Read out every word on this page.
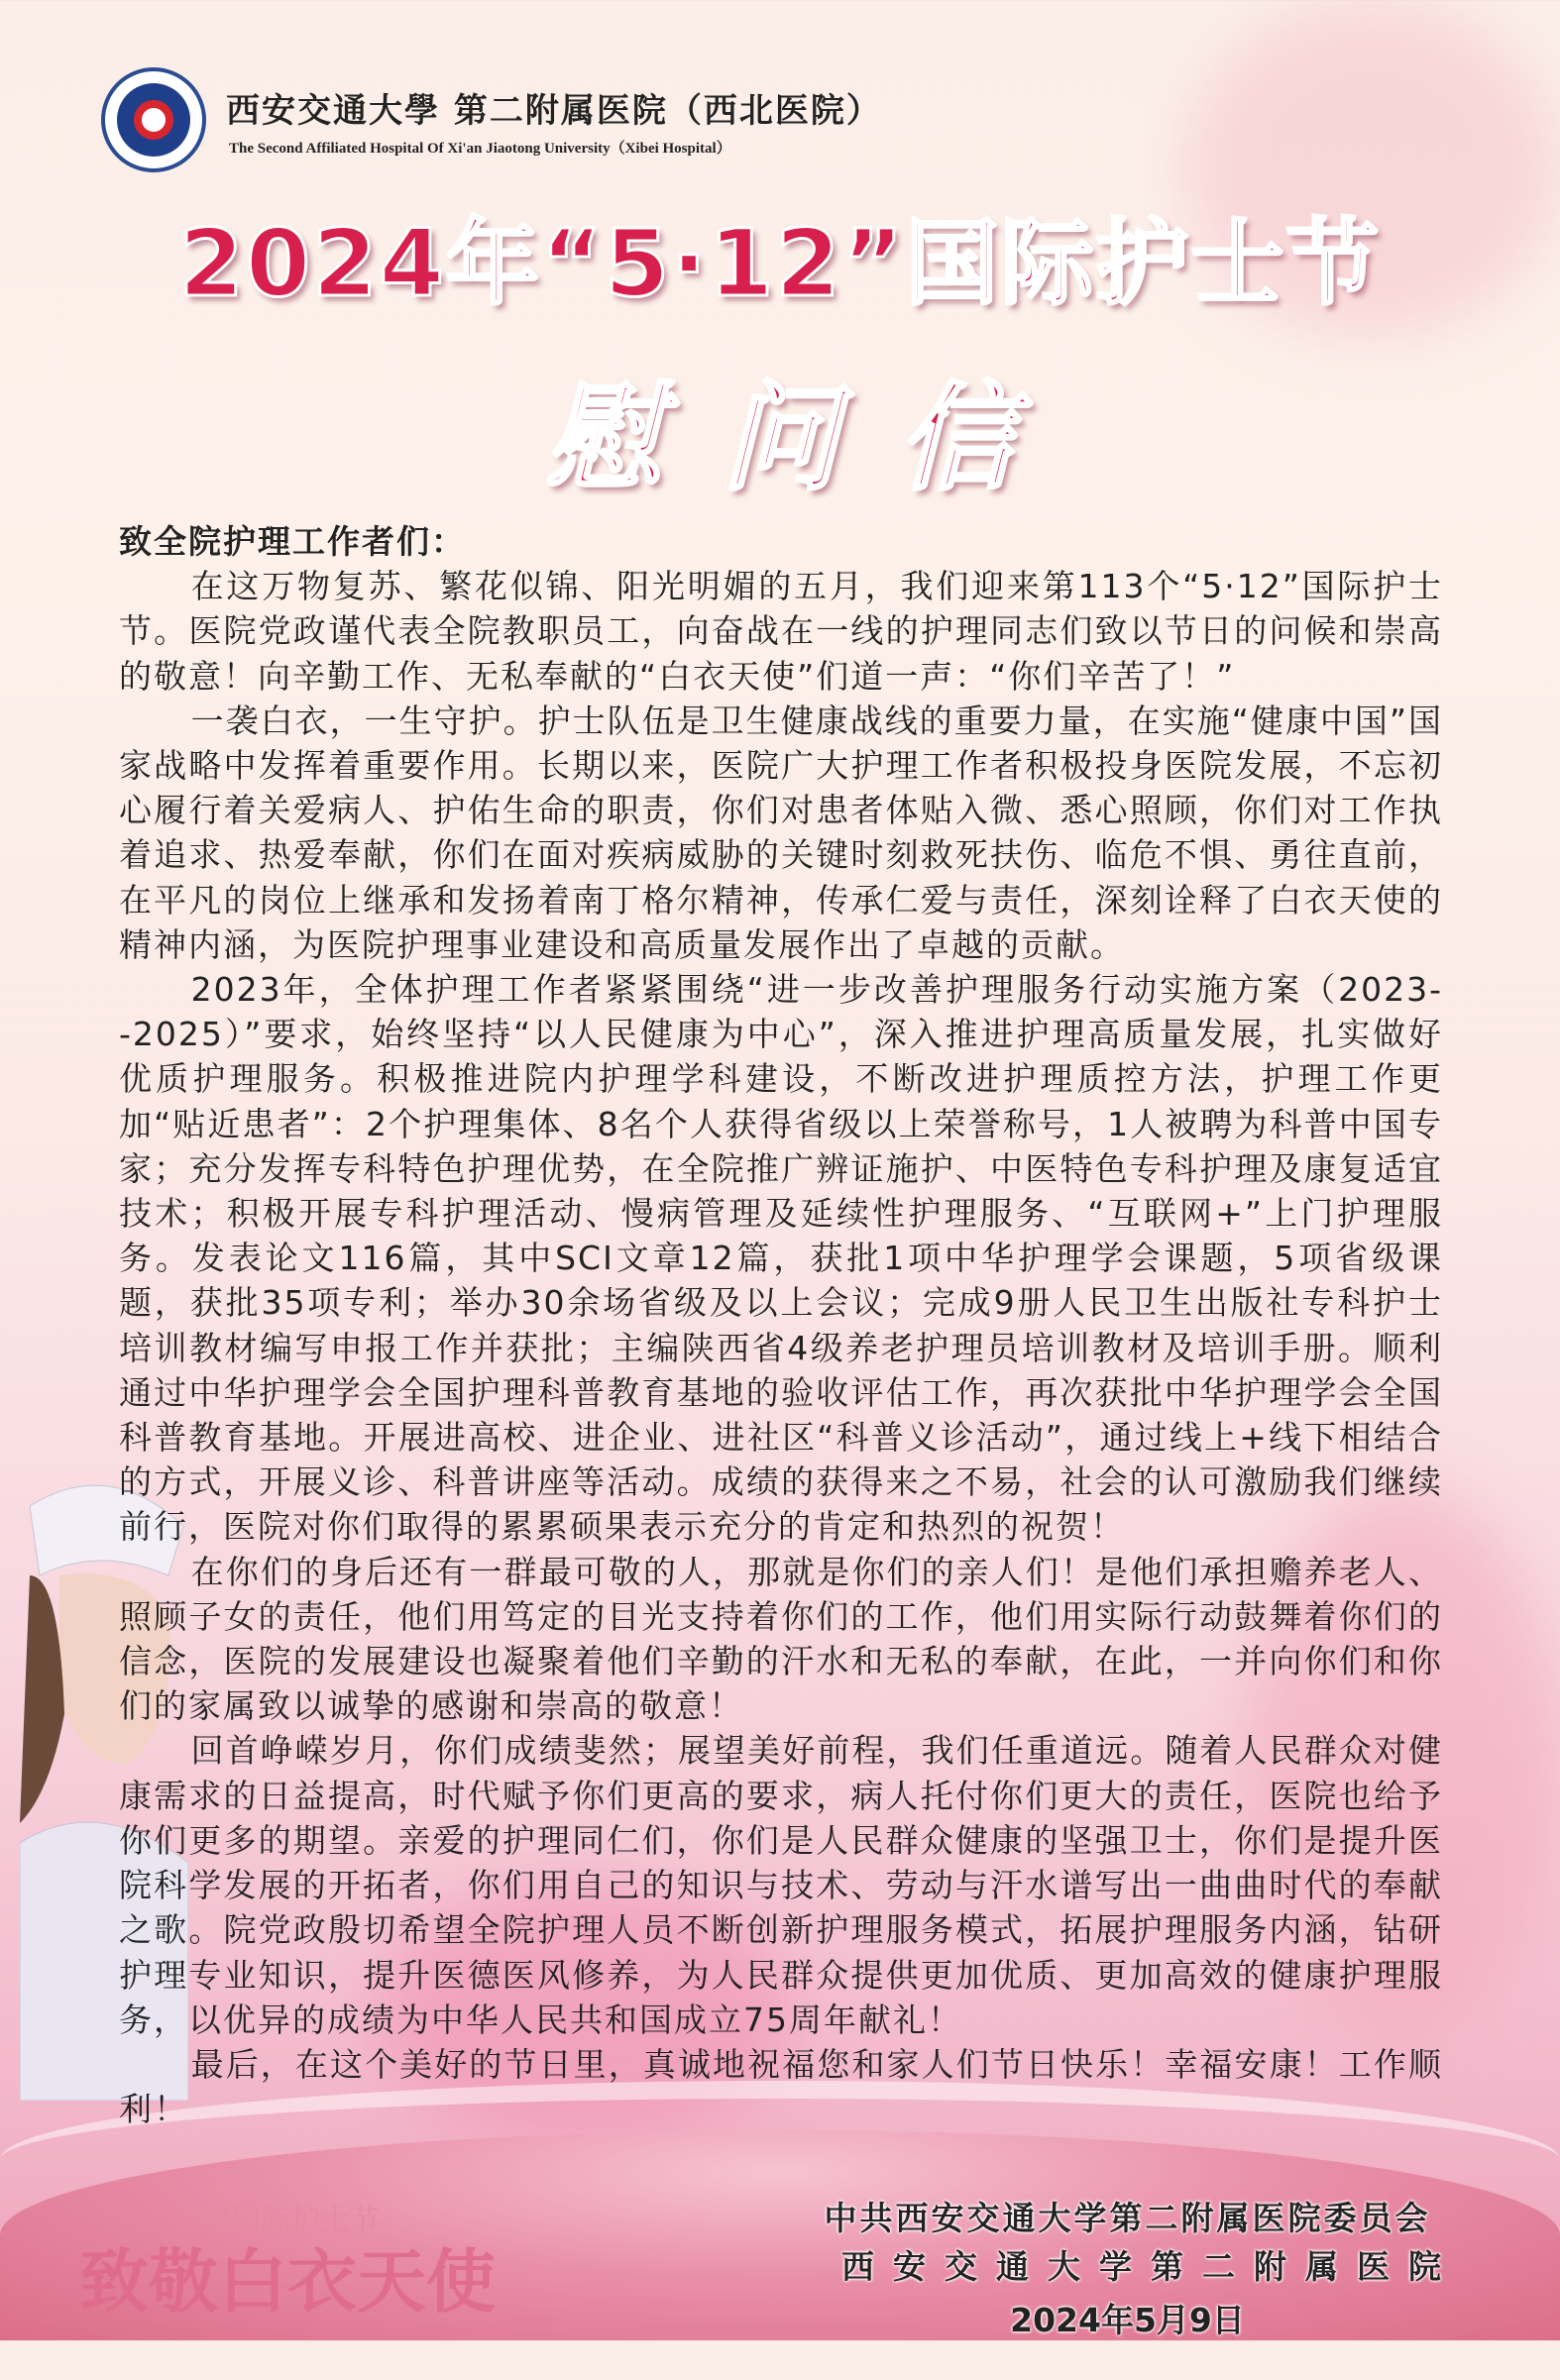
西安交通大學 第二附属医院（西北医院）
The Second Affiliated Hospital Of Xi'an Jiaotong University（Xibei Hospital）
2024年“5·12”国际护士节
慰问信

致全院护理工作者们：

在这万物复苏、繁花似锦、阳光明媚的五月，我们迎来第113个“5·12”国际护士节。医院党政谨代表全院教职员工，向奋战在一线的护理同志们致以节日的问候和崇高的敬意！向辛勤工作、无私奉献的“白衣天使”们道一声：“你们辛苦了！”

一袭白衣，一生守护。护士队伍是卫生健康战线的重要力量，在实施“健康中国”国家战略中发挥着重要作用。长期以来，医院广大护理工作者积极投身医院发展，不忘初心履行着关爱病人、护佑生命的职责，你们对患者体贴入微、悉心照顾，你们对工作执着追求、热爱奉献，你们在面对疾病威胁的关键时刻救死扶伤、临危不惧、勇往直前，在平凡的岗位上继承和发扬着南丁格尔精神，传承仁爱与责任，深刻诠释了白衣天使的精神内涵，为医院护理事业建设和高质量发展作出了卓越的贡献。

2023年，全体护理工作者紧紧围绕“进一步改善护理服务行动实施方案（2023--2025）”要求，始终坚持“以人民健康为中心”，深入推进护理高质量发展，扎实做好优质护理服务。积极推进院内护理学科建设，不断改进护理质控方法，护理工作更加“贴近患者”：2个护理集体、8名个人获得省级以上荣誉称号，1人被聘为科普中国专家；充分发挥专科特色护理优势，在全院推广辨证施护、中医特色专科护理及康复适宜技术；积极开展专科护理活动、慢病管理及延续性护理服务、“互联网+”上门护理服务。发表论文116篇，其中SCI文章12篇，获批1项中华护理学会课题，5项省级课题，获批35项专利；举办30余场省级及以上会议；完成9册人民卫生出版社专科护士培训教材编写申报工作并获批；主编陕西省4级养老护理员培训教材及培训手册。顺利通过中华护理学会全国护理科普教育基地的验收评估工作，再次获批中华护理学会全国科普教育基地。开展进高校、进企业、进社区“科普义诊活动”，通过线上+线下相结合的方式，开展义诊、科普讲座等活动。成绩的获得来之不易，社会的认可激励我们继续前行，医院对你们取得的累累硕果表示充分的肯定和热烈的祝贺！

在你们的身后还有一群最可敬的人，那就是你们的亲人们！是他们承担赡养老人、照顾子女的责任，他们用笃定的目光支持着你们的工作，他们用实际行动鼓舞着你们的信念，医院的发展建设也凝聚着他们辛勤的汗水和无私的奉献，在此，一并向你们和你们的家属致以诚挚的感谢和崇高的敬意！

回首峥嵘岁月，你们成绩斐然；展望美好前程，我们任重道远。随着人民群众对健康需求的日益提高，时代赋予你们更高的要求，病人托付你们更大的责任，医院也给予你们更多的期望。亲爱的护理同仁们，你们是人民群众健康的坚强卫士，你们是提升医院科学发展的开拓者，你们用自己的知识与技术、劳动与汗水谱写出一曲曲时代的奉献之歌。院党政殷切希望全院护理人员不断创新护理服务模式，拓展护理服务内涵，钻研护理专业知识，提升医德医风修养，为人民群众提供更加优质、更加高效的健康护理服务，以优异的成绩为中华人民共和国成立75周年献礼！

最后，在这个美好的节日里，真诚地祝福您和家人们节日快乐！幸福安康！工作顺利！

512国际护士节
致敬白衣天使
中共西安交通大学第二附属医院委员会
西安交通大学第二附属医院
2024年5月9日
